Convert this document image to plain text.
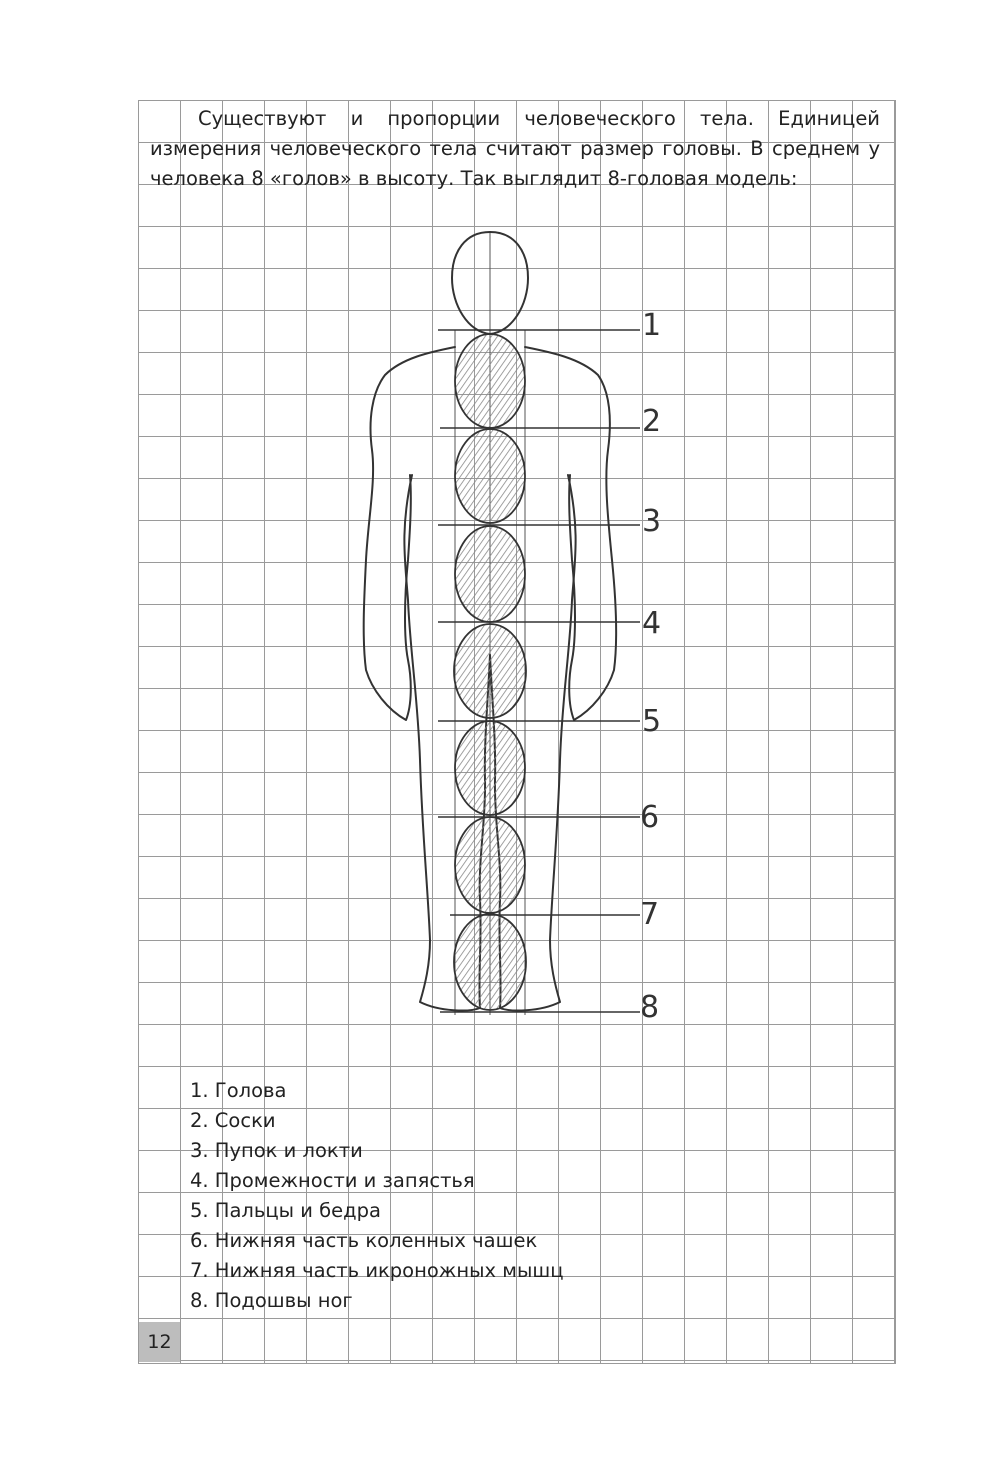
Существуют и пропорции человеческого тела. Единицей измерения человеческого тела считают размер головы. В среднем у человека 8 «голов» в высоту. Так выглядит 8-головая модель:

1
2
3
4
5
6
7
8
1. Голова
2. Соски
3. Пупок и локти
4. Промежности и запястья
5. Пальцы и бедра
6. Нижняя часть коленных чашек
7. Нижняя часть икроножных мышц
8. Подошвы ног
12
